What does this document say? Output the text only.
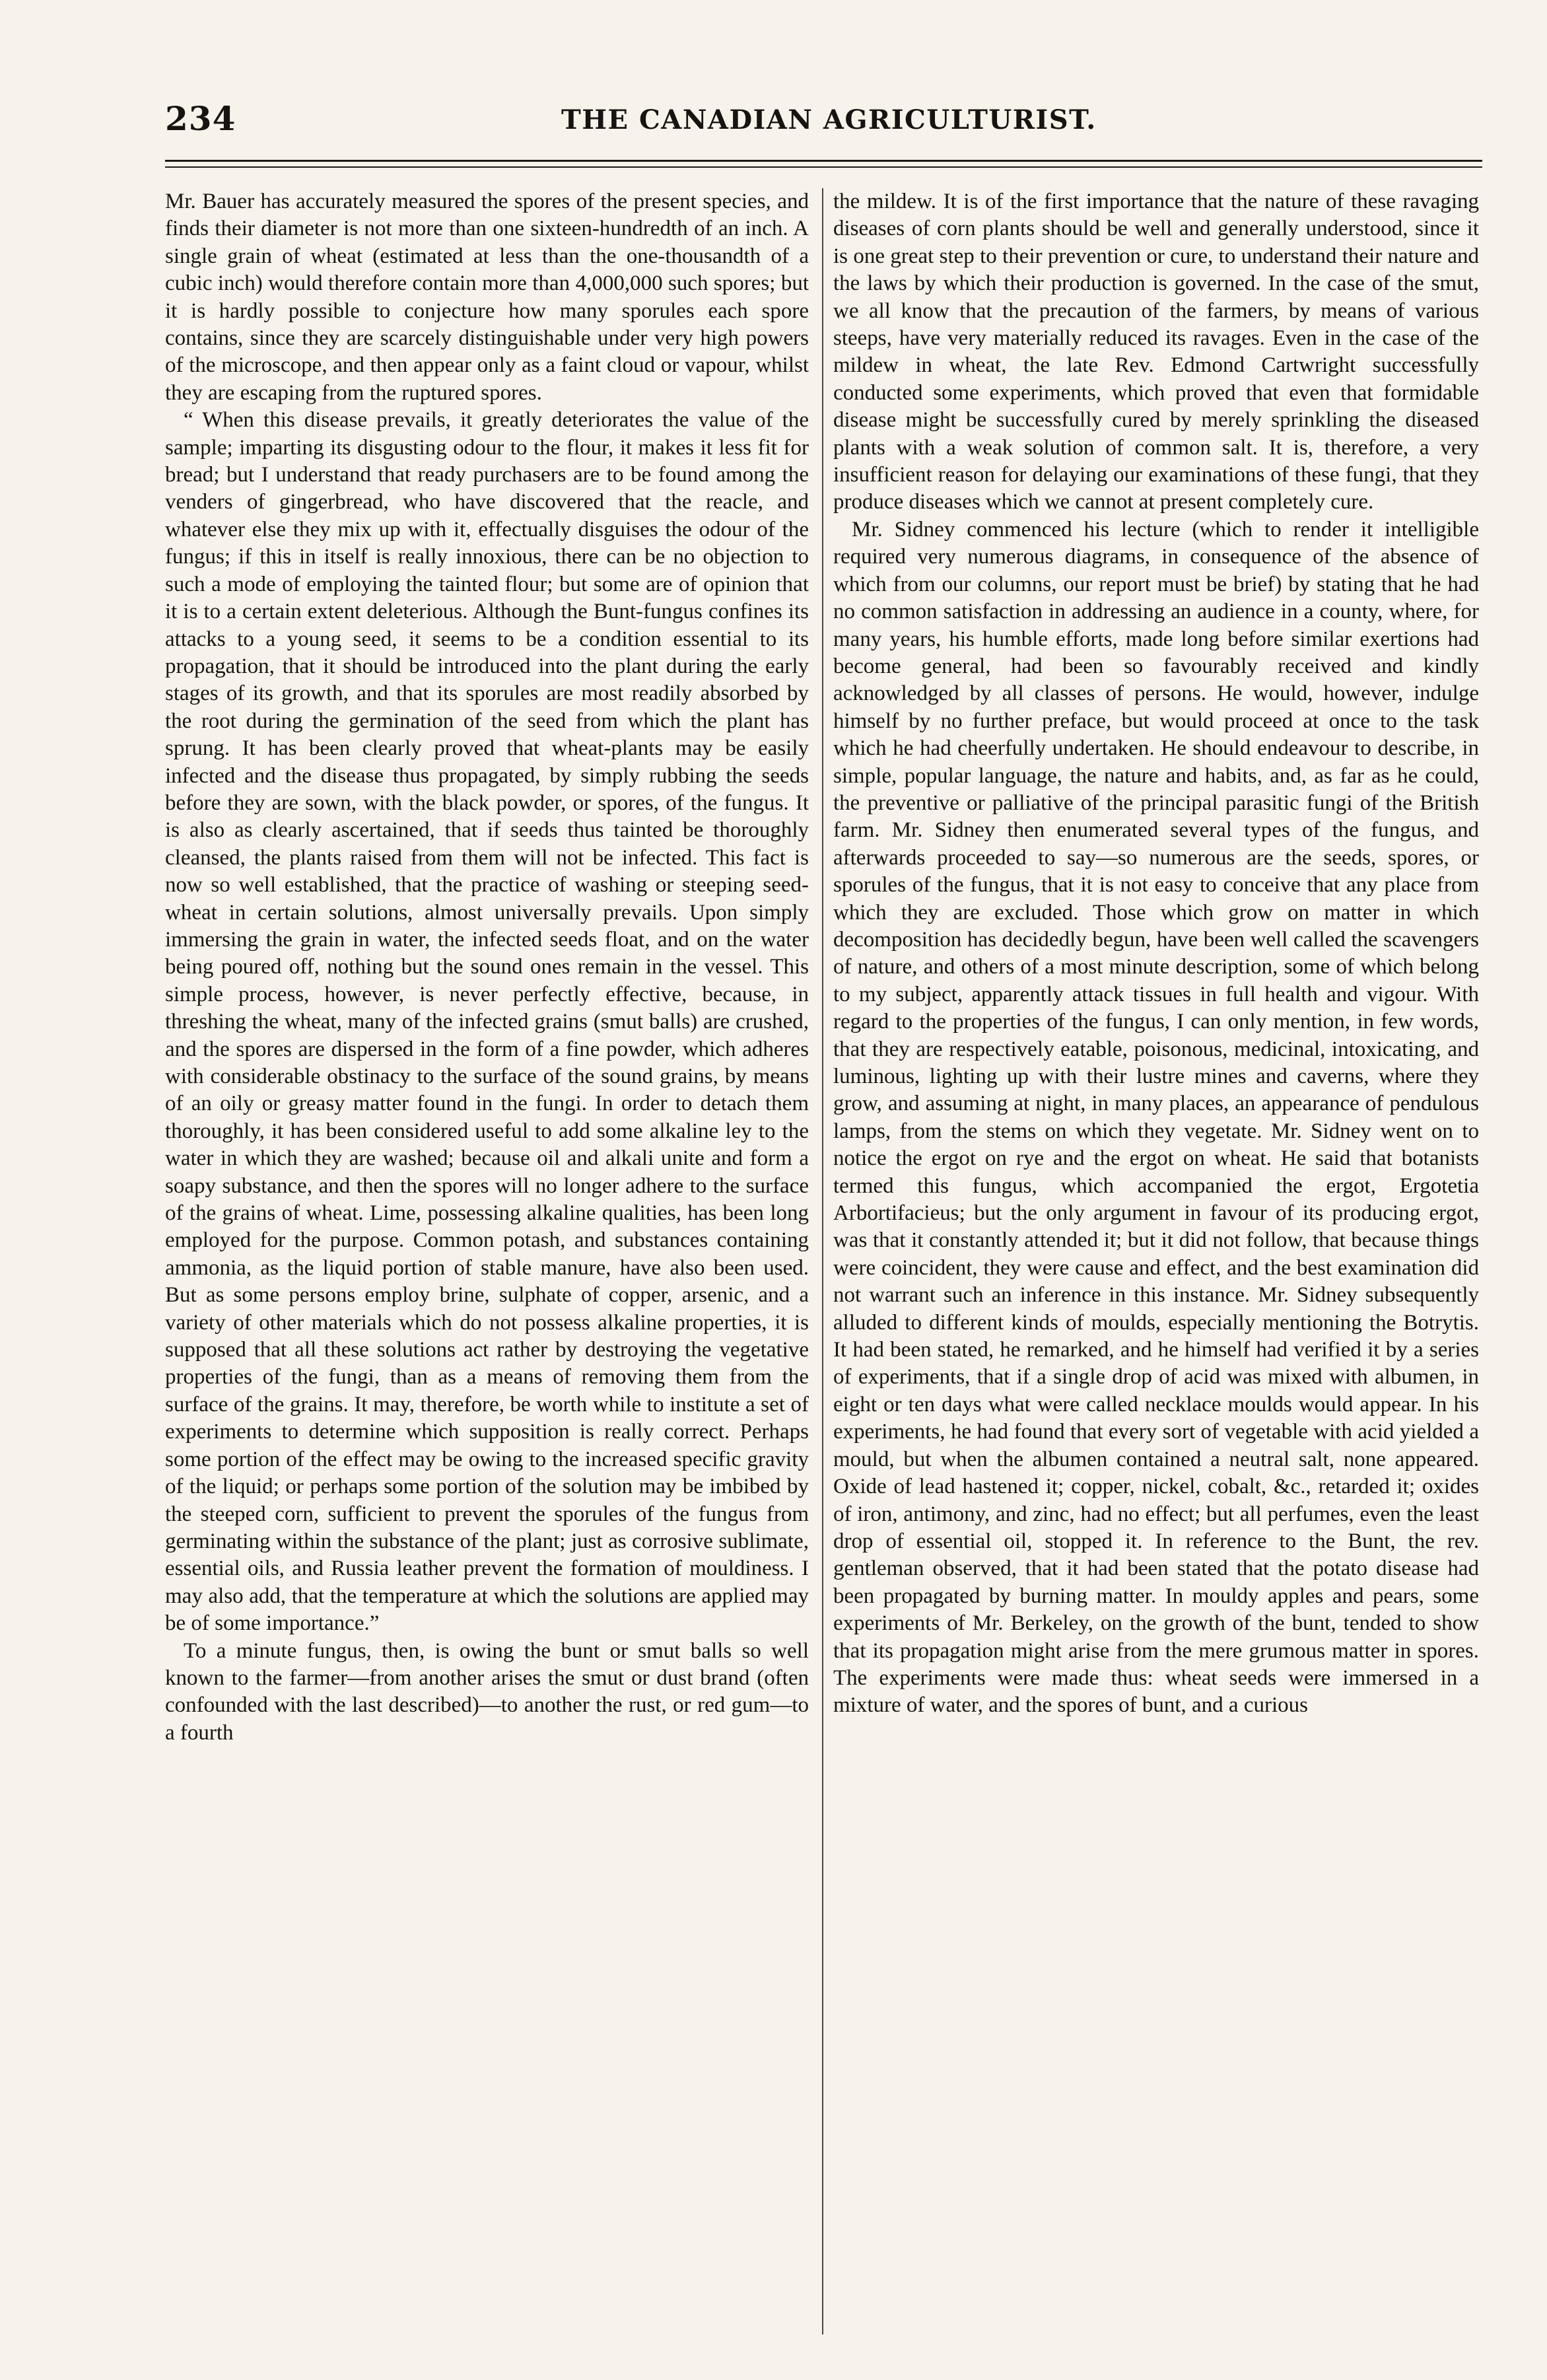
234	THE CANADIAN AGRICULTURIST.

Mr. Bauer has accurately measured the spores of the present species, and finds their diameter is not more than one sixteen-hundredth of an inch. A single grain of wheat (estimated at less than the one-thousandth of a cubic inch) would therefore contain more than 4,000,000 such spores; but it is hardly possible to conjecture how many sporules each spore contains, since they are scarcely distinguishable under very high powers of the microscope, and then appear only as a faint cloud or vapour, whilst they are escaping from the ruptured spores.

“ When this disease prevails, it greatly deteriorates the value of the sample; imparting its disgusting odour to the flour, it makes it less fit for bread; but I understand that ready purchasers are to be found among the venders of gingerbread, who have discovered that the reacle, and whatever else they mix up with it, effectually disguises the odour of the fungus; if this in itself is really innoxious, there can be no objection to such a mode of employing the tainted flour; but some are of opinion that it is to a certain extent deleterious. Although the Bunt-fungus confines its attacks to a young seed, it seems to be a condition essential to its propagation, that it should be introduced into the plant during the early stages of its growth, and that its sporules are most readily absorbed by the root during the germination of the seed from which the plant has sprung. It has been clearly proved that wheat-plants may be easily infected and the disease thus propagated, by simply rubbing the seeds before they are sown, with the black powder, or spores, of the fungus. It is also as clearly ascertained, that if seeds thus tainted be thoroughly cleansed, the plants raised from them will not be infected. This fact is now so well established, that the practice of washing or steeping seed-wheat in certain solutions, almost universally prevails. Upon simply immersing the grain in water, the infected seeds float, and on the water being poured off, nothing but the sound ones remain in the vessel. This simple process, however, is never perfectly effective, because, in threshing the wheat, many of the infected grains (smut balls) are crushed, and the spores are dispersed in the form of a fine powder, which adheres with considerable obstinacy to the surface of the sound grains, by means of an oily or greasy matter found in the fungi. In order to detach them thoroughly, it has been considered useful to add some alkaline ley to the water in which they are washed; because oil and alkali unite and form a soapy substance, and then the spores will no longer adhere to the surface of the grains of wheat. Lime, possessing alkaline qualities, has been long employed for the purpose. Common potash, and substances containing ammonia, as the liquid portion of stable manure, have also been used. But as some persons employ brine, sulphate of copper, arsenic, and a variety of other materials which do not possess alkaline properties, it is supposed that all these solutions act rather by destroying the vegetative properties of the fungi, than as a means of removing them from the surface of the grains. It may, therefore, be worth while to institute a set of experiments to determine which supposition is really correct. Perhaps some portion of the effect may be owing to the increased specific gravity of the liquid; or perhaps some portion of the solution may be imbibed by the steeped corn, sufficient to prevent the sporules of the fungus from germinating within the substance of the plant; just as corrosive sublimate, essential oils, and Russia leather prevent the formation of mouldiness. I may also add, that the temperature at which the solutions are applied may be of some importance.”

To a minute fungus, then, is owing the bunt or smut balls so well known to the farmer—from another arises the smut or dust brand (often confounded with the last described)—to another the rust, or red gum—to a fourth

the mildew. It is of the first importance that the nature of these ravaging diseases of corn plants should be well and generally understood, since it is one great step to their prevention or cure, to understand their nature and the laws by which their production is governed. In the case of the smut, we all know that the precaution of the farmers, by means of various steeps, have very materially reduced its ravages. Even in the case of the mildew in wheat, the late Rev. Edmond Cartwright successfully conducted some experiments, which proved that even that formidable disease might be successfully cured by merely sprinkling the diseased plants with a weak solution of common salt. It is, therefore, a very insufficient reason for delaying our examinations of these fungi, that they produce diseases which we cannot at present completely cure.

Mr. Sidney commenced his lecture (which to render it intelligible required very numerous diagrams, in consequence of the absence of which from our columns, our report must be brief) by stating that he had no common satisfaction in addressing an audience in a county, where, for many years, his humble efforts, made long before similar exertions had become general, had been so favourably received and kindly acknowledged by all classes of persons. He would, however, indulge himself by no further preface, but would proceed at once to the task which he had cheerfully undertaken. He should endeavour to describe, in simple, popular language, the nature and habits, and, as far as he could, the preventive or palliative of the principal parasitic fungi of the British farm. Mr. Sidney then enumerated several types of the fungus, and afterwards proceeded to say—so numerous are the seeds, spores, or sporules of the fungus, that it is not easy to conceive that any place from which they are excluded. Those which grow on matter in which decomposition has decidedly begun, have been well called the scavengers of nature, and others of a most minute description, some of which belong to my subject, apparently attack tissues in full health and vigour. With regard to the properties of the fungus, I can only mention, in few words, that they are respectively eatable, poisonous, medicinal, intoxicating, and luminous, lighting up with their lustre mines and caverns, where they grow, and assuming at night, in many places, an appearance of pendulous lamps, from the stems on which they vegetate. Mr. Sidney went on to notice the ergot on rye and the ergot on wheat. He said that botanists termed this fungus, which accompanied the ergot, Ergotetia Arbortifacieus; but the only argument in favour of its producing ergot, was that it constantly attended it; but it did not follow, that because things were coincident, they were cause and effect, and the best examination did not warrant such an inference in this instance. Mr. Sidney subsequently alluded to different kinds of moulds, especially mentioning the Botrytis. It had been stated, he remarked, and he himself had verified it by a series of experiments, that if a single drop of acid was mixed with albumen, in eight or ten days what were called necklace moulds would appear. In his experiments, he had found that every sort of vegetable with acid yielded a mould, but when the albumen contained a neutral salt, none appeared. Oxide of lead hastened it; copper, nickel, cobalt, &c., retarded it; oxides of iron, antimony, and zinc, had no effect; but all perfumes, even the least drop of essential oil, stopped it. In reference to the Bunt, the rev. gentleman observed, that it had been stated that the potato disease had been propagated by burning matter. In mouldy apples and pears, some experiments of Mr. Berkeley, on the growth of the bunt, tended to show that its propagation might arise from the mere grumous matter in spores. The experiments were made thus: wheat seeds were immersed in a mixture of water, and the spores of bunt, and a curious
